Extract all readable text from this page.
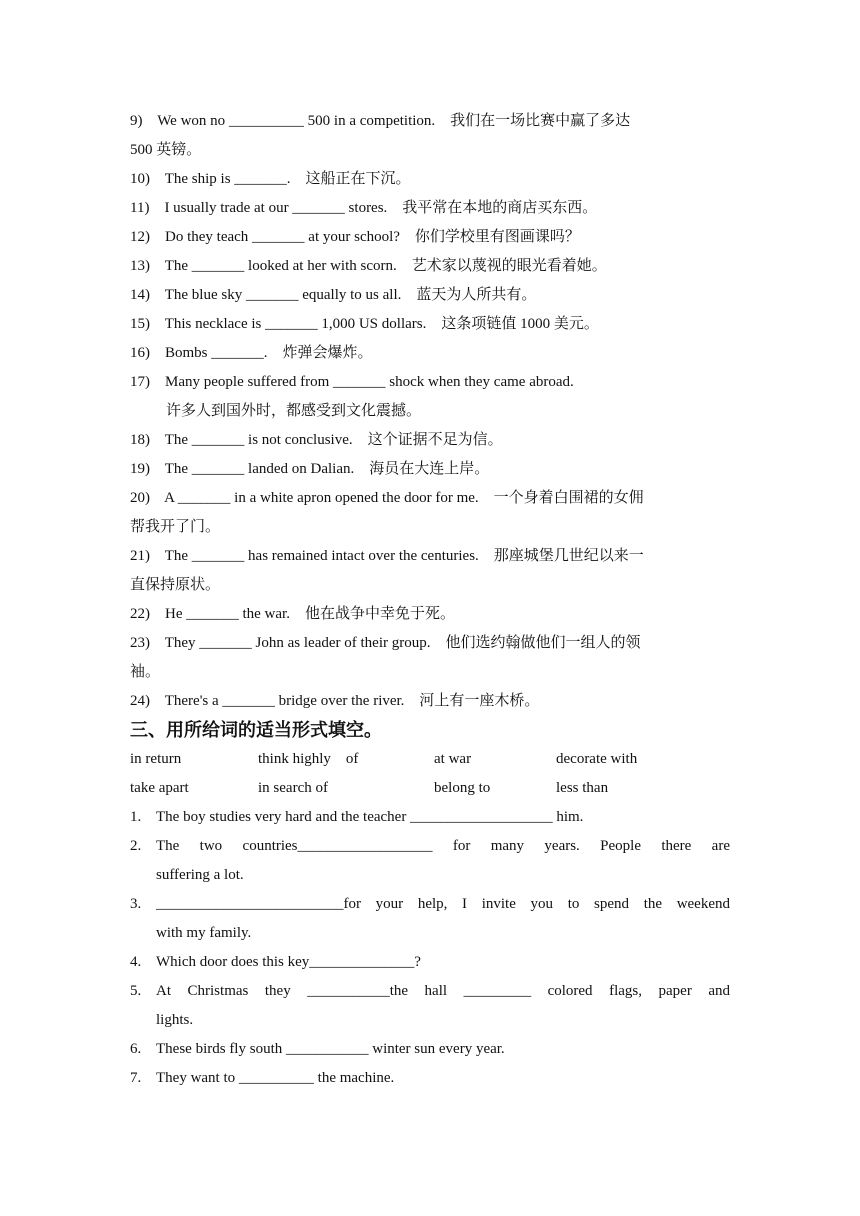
9)    We won no __________ 500 in a competition.    我们在一场比赛中赢了多达
500 英镑。
10)    The ship is _______.    这船正在下沉。
11)    I usually trade at our _______ stores.    我平常在本地的商店买东西。
12)    Do they teach _______ at your school?    你们学校里有图画课吗？
13)    The _______ looked at her with scorn.    艺术家以蔑视的眼光看着她。
14)    The blue sky _______ equally to us all.    蓝天为人所共有。
15)    This necklace is _______ 1,000 US dollars.    这条项链值 1000 美元。
16)    Bombs _______.    炸弹会爆炸。
17)    Many people suffered from _______ shock when they came abroad.
许多人到国外时，都感受到文化震撼。
18)    The _______ is not conclusive.    这个证据不足为信。
19)    The _______ landed on Dalian.    海员在大连上岸。
20)    A _______ in a white apron opened the door for me.    一个身着白围裙的女佣
帮我开了门。
21)    The _______ has remained intact over the centuries.    那座城堡几世纪以来一
直保持原状。
22)    He _______ the war.    他在战争中幸免于死。
23)    They _______ John as leader of their group.    他们选约翰做他们一组人的领
袖。
24)    There's a _______ bridge over the river.    河上有一座木桥。
三、用所给词的适当形式填空。
in return	think highly    of	at war	decorate with
take apart	in search of	belong to	less than
1. The boy studies very hard and the teacher ___________________ him.
2. The two countries__________________ for many years. People there are
suffering a lot.
3. _________________________for your help, I invite you to spend the weekend
with my family.
4. Which door does this key______________?
5. At Christmas they ___________the hall _________ colored flags, paper and
lights.
6. These birds fly south ___________ winter sun every year.
7. They want to __________ the machine.
